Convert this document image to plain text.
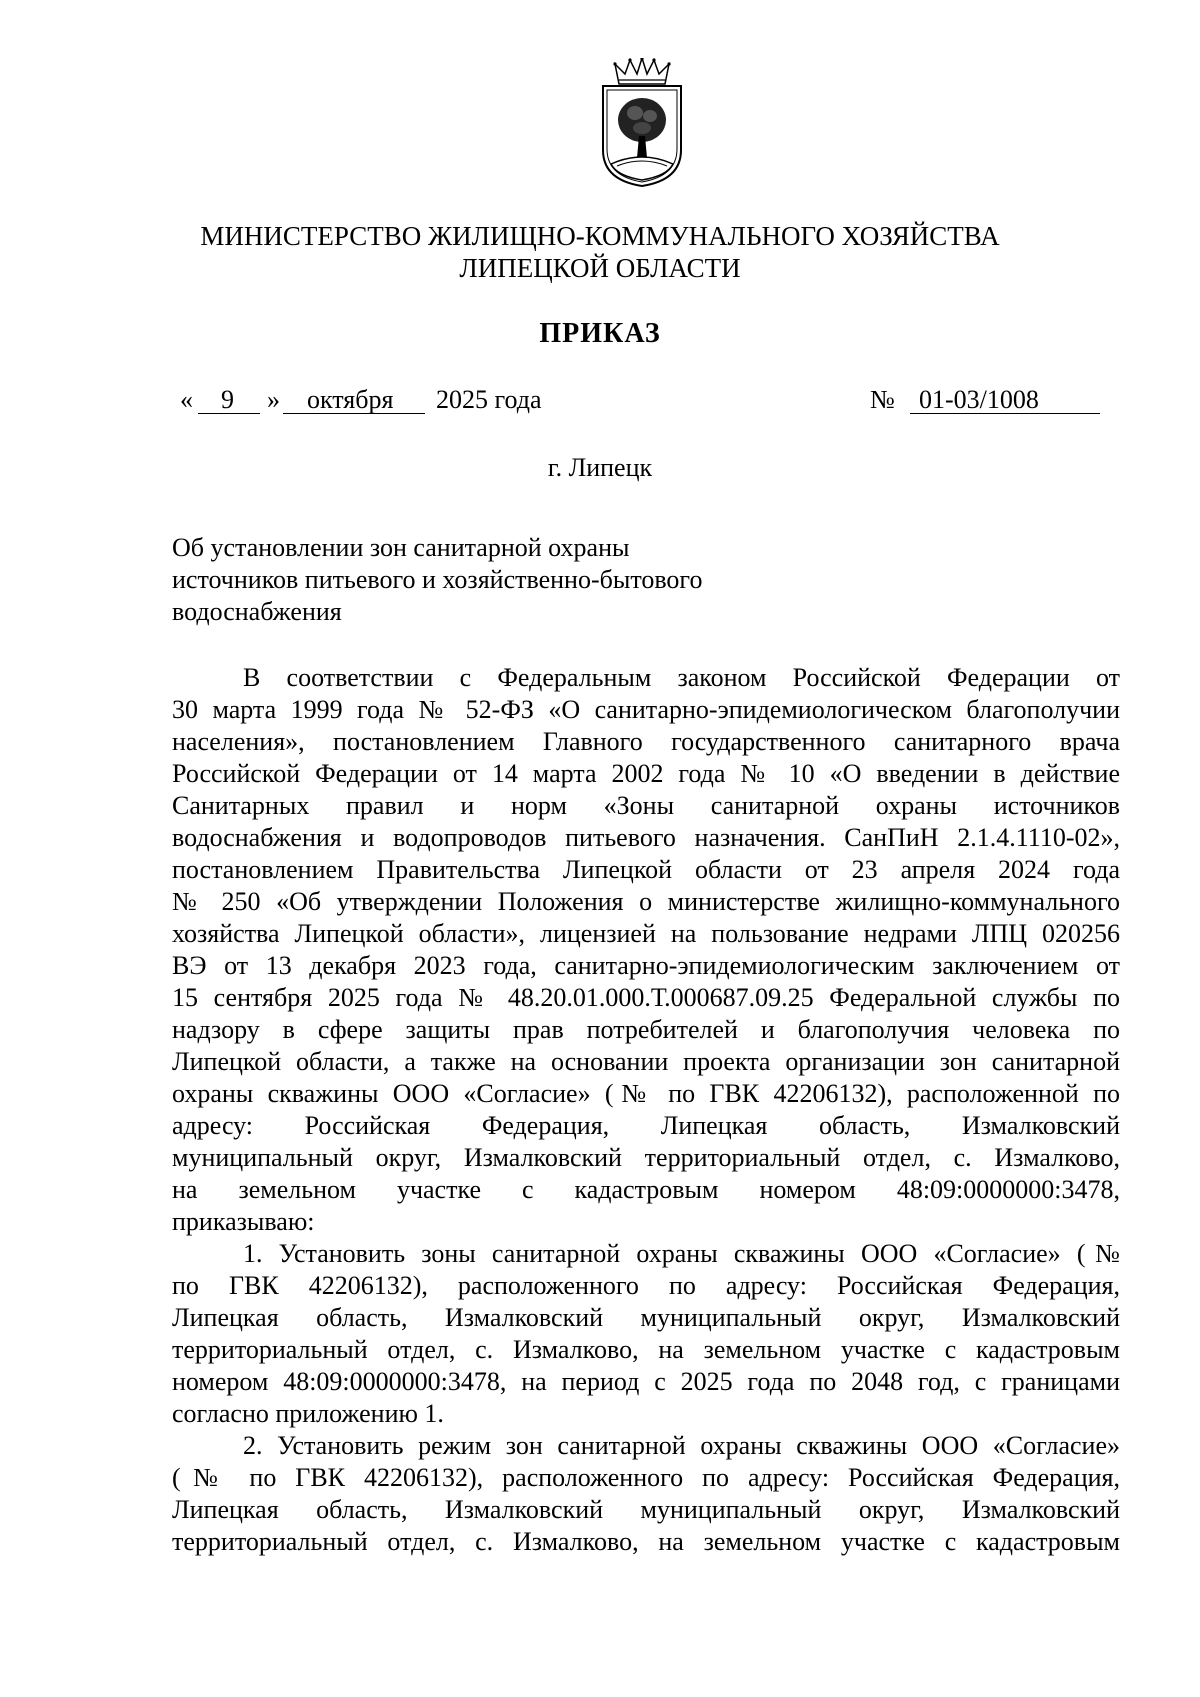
МИНИСТЕРСТВО ЖИЛИЩНО-КОММУНАЛЬНОГО ХОЗЯЙСТВА
ЛИПЕЦКОЙ ОБЛАСТИ
ПРИКАЗ
« 9 » октября 2025 года	№ 01-03/1008
г. Липецк
Об установлении зон санитарной охраны
источников питьевого и хозяйственно-бытового
водоснабжения
В соответствии с Федеральным законом Российской Федерации от
30 марта 1999 года № 52-ФЗ «О санитарно-эпидемиологическом благополучии
населения», постановлением Главного государственного санитарного врача
Российской Федерации от 14 марта 2002 года № 10 «О введении в действие
Санитарных правил и норм «Зоны санитарной охраны источников
водоснабжения и водопроводов питьевого назначения. СанПиН 2.1.4.1110-02»,
постановлением Правительства Липецкой области от 23 апреля 2024 года
№ 250 «Об утверждении Положения о министерстве жилищно-коммунального
хозяйства Липецкой области», лицензией на пользование недрами ЛПЦ 020256
ВЭ от 13 декабря 2023 года, санитарно-эпидемиологическим заключением от
15 сентября 2025 года № 48.20.01.000.Т.000687.09.25 Федеральной службы по
надзору в сфере защиты прав потребителей и благополучия человека по
Липецкой области, а также на основании проекта организации зон санитарной
охраны скважины ООО «Согласие» (№ по ГВК 42206132), расположенной по
адресу: Российская Федерация, Липецкая область, Измалковский
муниципальный округ, Измалковский территориальный отдел, с. Измалково,
на земельном участке с кадастровым номером 48:09:0000000:3478,
приказываю:
1. Установить зоны санитарной охраны скважины ООО «Согласие» (№
по ГВК 42206132), расположенного по адресу: Российская Федерация,
Липецкая область, Измалковский муниципальный округ, Измалковский
территориальный отдел, с. Измалково, на земельном участке с кадастровым
номером 48:09:0000000:3478, на период с 2025 года по 2048 год, с границами
согласно приложению 1.
2. Установить режим зон санитарной охраны скважины ООО «Согласие»
(№ по ГВК 42206132), расположенного по адресу: Российская Федерация,
Липецкая область, Измалковский муниципальный округ, Измалковский
территориальный отдел, с. Измалково, на земельном участке с кадастровым
